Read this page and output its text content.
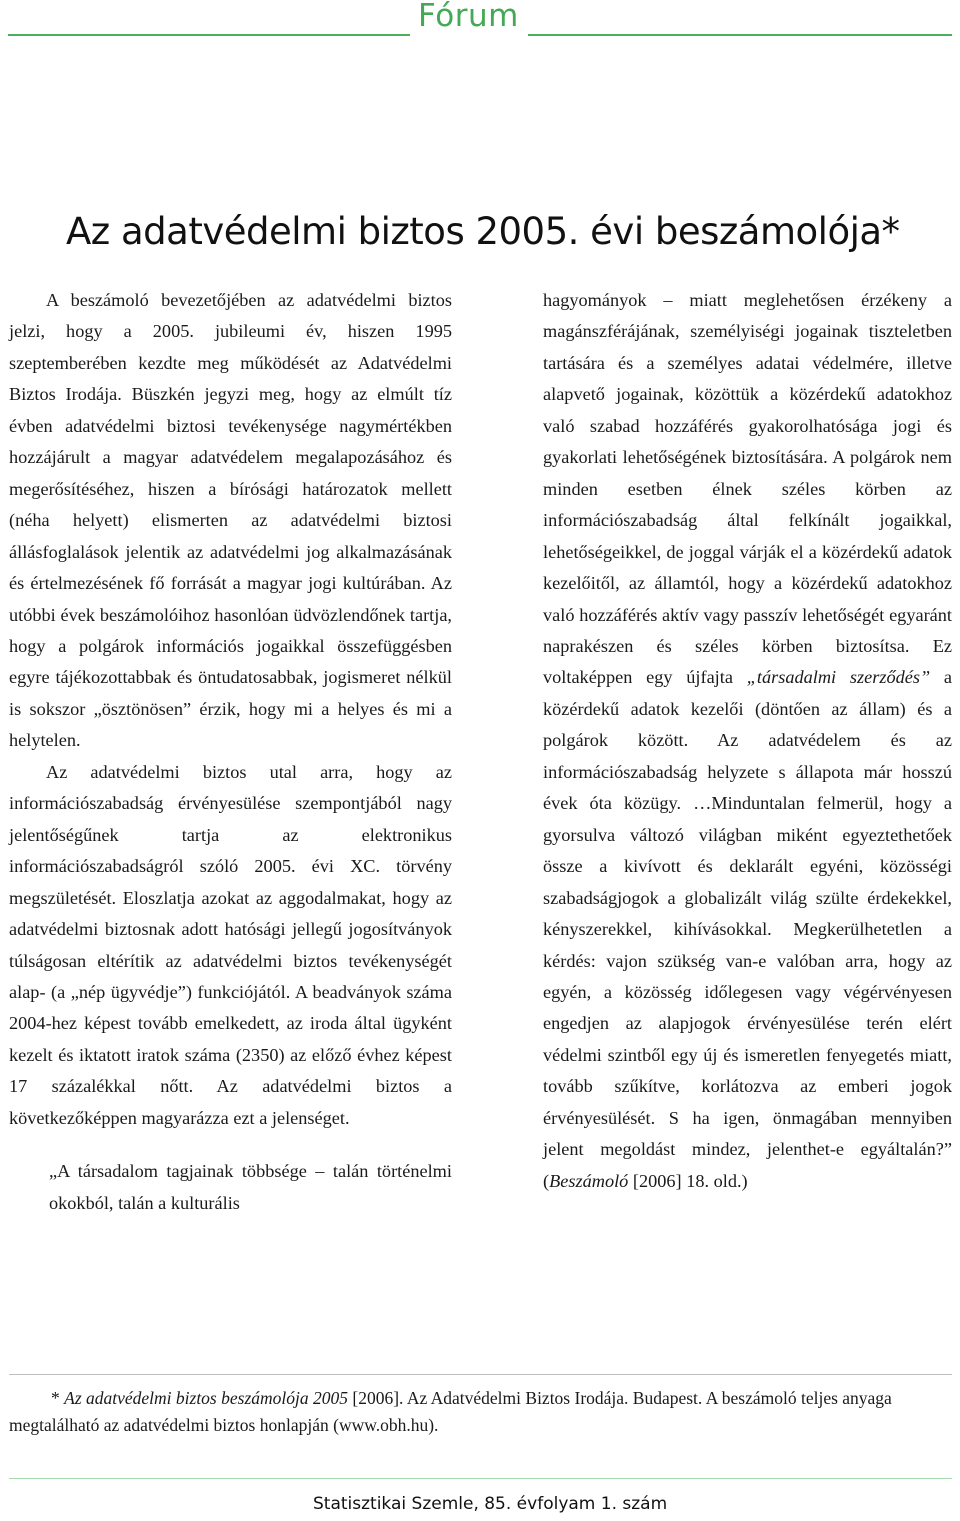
Fórum
Az adatvédelmi biztos 2005. évi beszámolója*

A beszámoló bevezetőjében az adatvédelmi biztos jelzi, hogy a 2005. jubileumi év, hiszen 1995 szeptemberében kezdte meg működését az Adatvédelmi Biztos Irodája. Büszkén jegyzi meg, hogy az elmúlt tíz évben adatvédelmi biztosi tevékenysége nagymértékben hozzájárult a magyar adatvédelem megalapozásához és megerősítéséhez, hiszen a bírósági határozatok mellett (néha helyett) elismerten az adatvédelmi biztosi állásfoglalások jelentik az adatvédelmi jog alkalmazásának és értelmezésének fő forrását a magyar jogi kultúrában. Az utóbbi évek beszámolóihoz hasonlóan üdvözlendőnek tartja, hogy a polgárok információs jogaikkal összefüggésben egyre tájékozottabbak és öntudatosabbak, jogismeret nélkül is sokszor „ösztönösen” érzik, hogy mi a helyes és mi a helytelen.

Az adatvédelmi biztos utal arra, hogy az információszabadság érvényesülése szempontjából nagy jelentőségűnek tartja az elektronikus információszabadságról szóló 2005. évi XC. törvény megszületését. Eloszlatja azokat az aggodalmakat, hogy az adatvédelmi biztosnak adott hatósági jellegű jogosítványok túlságosan eltérítik az adatvédelmi biztos tevékenységét alap- (a „nép ügyvédje”) funkciójától. A beadványok száma 2004-hez képest tovább emelkedett, az iroda által ügyként kezelt és iktatott iratok száma (2350) az előző évhez képest 17 százalékkal nőtt. Az adatvédelmi biztos a következőképpen magyarázza ezt a jelenséget.

„A társadalom tagjainak többsége – talán történelmi okokból, talán a kulturális

hagyományok – miatt meglehetősen érzékeny a magánszférájának, személyiségi jogainak tiszteletben tartására és a személyes adatai védelmére, illetve alapvető jogainak, közöttük a közérdekű adatokhoz való szabad hozzáférés gyakorolhatósága jogi és gyakorlati lehetőségének biztosítására. A polgárok nem minden esetben élnek széles körben az információszabadság által felkínált jogaikkal, lehetőségeikkel, de joggal várják el a közérdekű adatok kezelőitől, az államtól, hogy a közérdekű adatokhoz való hozzáférés aktív vagy passzív lehetőségét egyaránt naprakészen és széles körben biztosítsa. Ez voltaképpen egy újfajta „társadalmi szerződés” a közérdekű adatok kezelői (döntően az állam) és a polgárok között. Az adatvédelem és az információszabadság helyzete s állapota már hosszú évek óta közügy. …Minduntalan felmerül, hogy a gyorsulva változó világban miként egyeztethetőek össze a kivívott és deklarált egyéni, közösségi szabadságjogok a globalizált világ szülte érdekekkel, kényszerekkel, kihívásokkal. Megkerülhetetlen a kérdés: vajon szükség van-e valóban arra, hogy az egyén, a közösség időlegesen vagy végérvényesen engedjen az alapjogok érvényesülése terén elért védelmi szintből egy új és ismeretlen fenyegetés miatt, tovább szűkítve, korlátozva az emberi jogok érvényesülését. S ha igen, önmagában mennyiben jelent megoldást mindez, jelenthet-e egyáltalán?” (Beszámoló [2006] 18. old.)

* Az adatvédelmi biztos beszámolója 2005 [2006]. Az Adatvédelmi Biztos Irodája. Budapest. A beszámoló teljes anyaga megtalálható az adatvédelmi biztos honlapján (www.obh.hu).

Statisztikai Szemle, 85. évfolyam 1. szám
